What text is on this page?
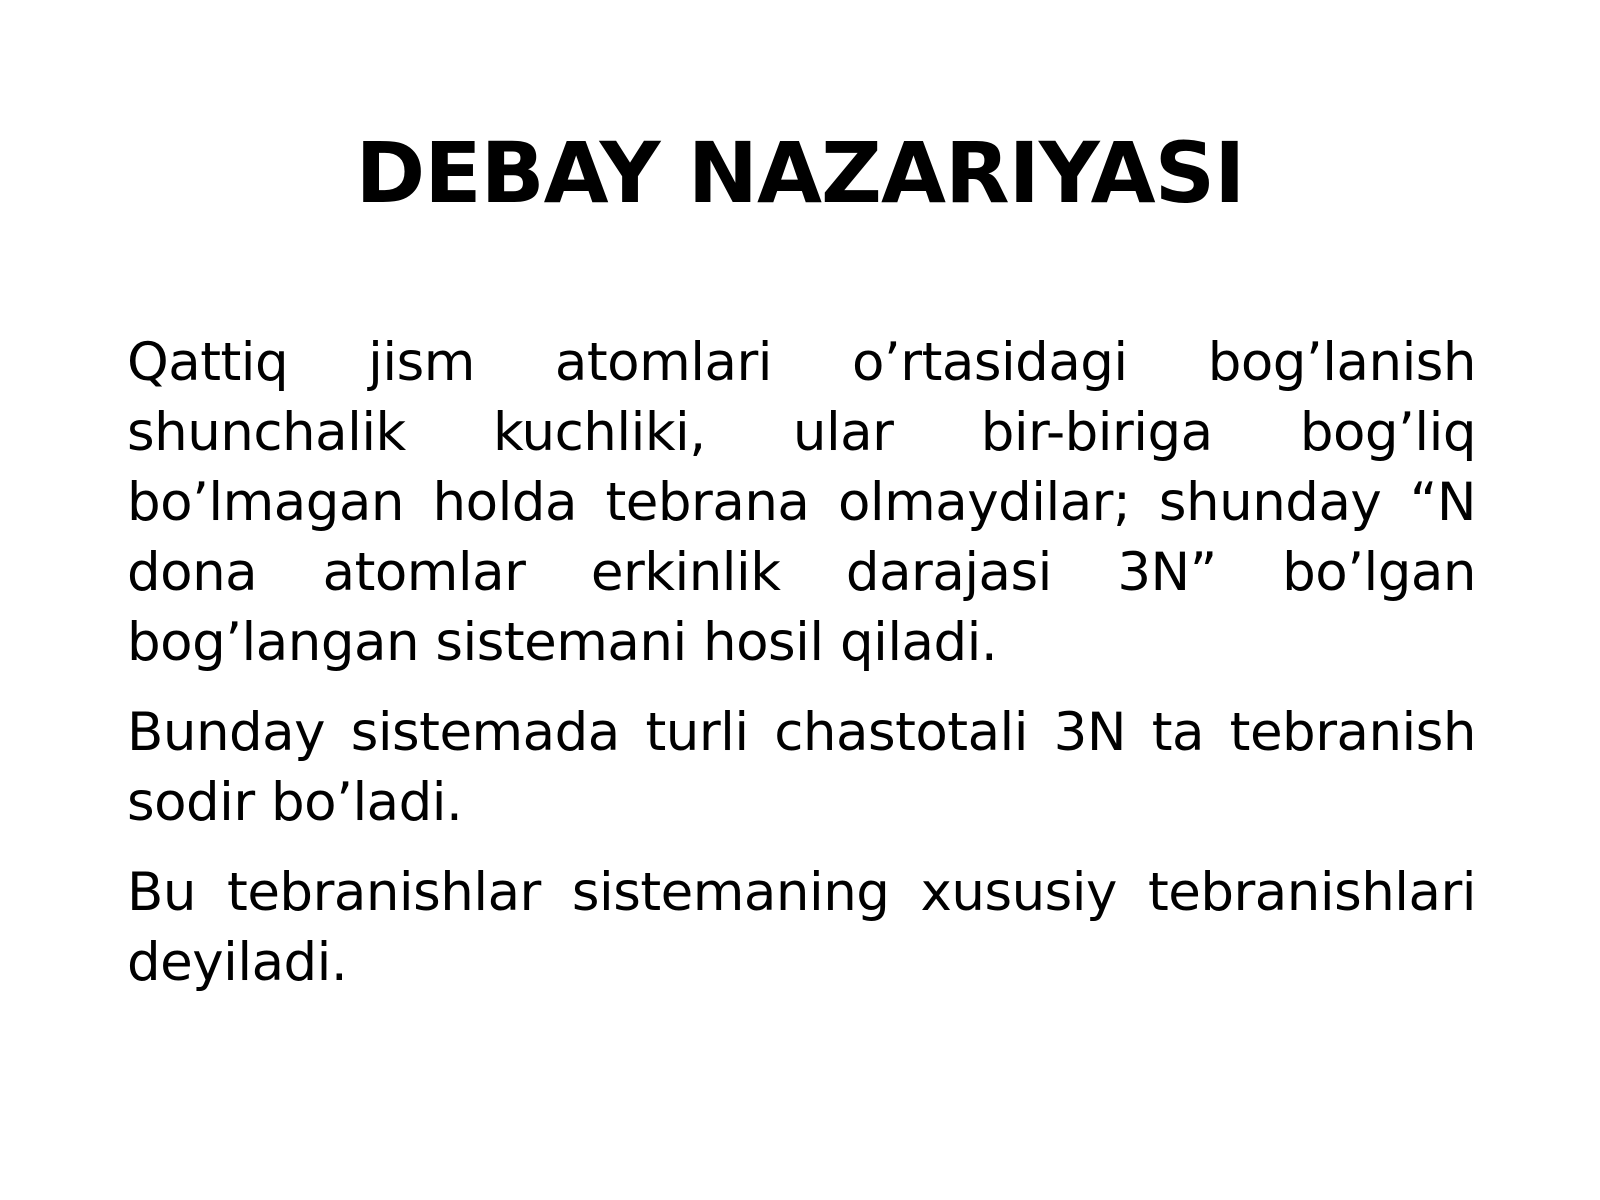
DEBAY NAZARIYASI

Qattiq jism atomlari o’rtasidagi bog’lanish shunchalik kuchliki, ular bir-biriga bog’liq bo’lmagan holda tebrana olmaydilar; shunday “N dona atomlar erkinlik darajasi 3N” bo’lgan bog’langan sistemani hosil qiladi.

Bunday sistemada turli chastotali 3N ta tebranish sodir bo’ladi.

Bu tebranishlar sistemaning xususiy tebranishlari deyiladi.
